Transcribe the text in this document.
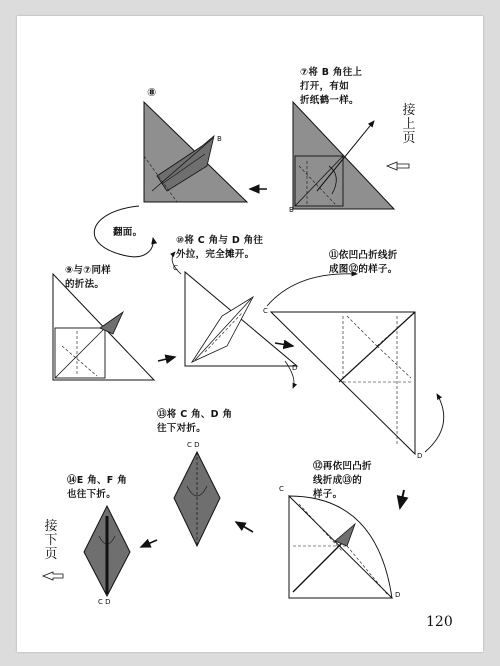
⑦将 B 角往上
打开，有如
折纸鹤一样。
⑧
翻面。
⑨与⑦同样
的折法。
⑩将 C 角与 D 角往
外拉，完全摊开。	⑪依凹凸折线折
成图⑫的样子。
⑫再依凹凸折
线折成⑬的
样子。
⑬将 C 角、D 角
往下对折。
⑭E 角、F 角
也往下折。
接上页
接下页
B
B
C
D
C
D
C
D
C D
C D
120
